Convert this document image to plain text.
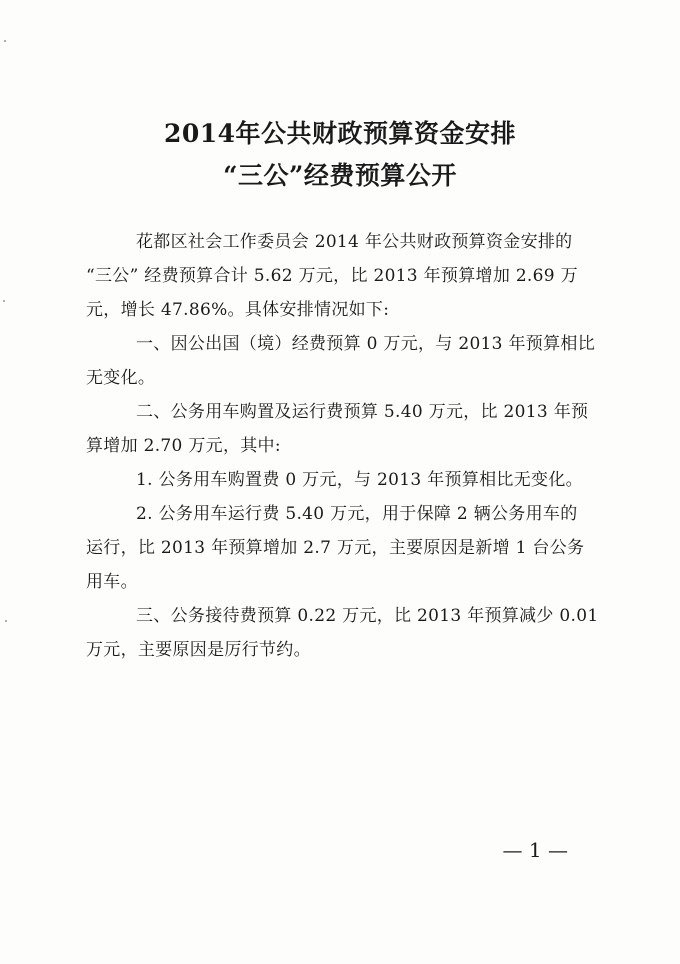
2014年公共财政预算资金安排
“三公”经费预算公开
花都区社会工作委员会 2014 年公共财政预算资金安排的
“三公” 经费预算合计 5.62 万元，比 2013 年预算增加 2.69 万
元，增长 47.86%。具体安排情况如下:
一、因公出国（境）经费预算 0 万元，与 2013 年预算相比
无变化。
二、公务用车购置及运行费预算 5.40 万元，比 2013 年预
算增加 2.70 万元，其中:
1. 公务用车购置费 0 万元，与 2013 年预算相比无变化。
2. 公务用车运行费 5.40 万元，用于保障 2 辆公务用车的
运行，比 2013 年预算增加 2.7 万元，主要原因是新增 1 台公务
用车。
三、公务接待费预算 0.22 万元，比 2013 年预算减少 0.01
万元，主要原因是厉行节约。
— 1 —
